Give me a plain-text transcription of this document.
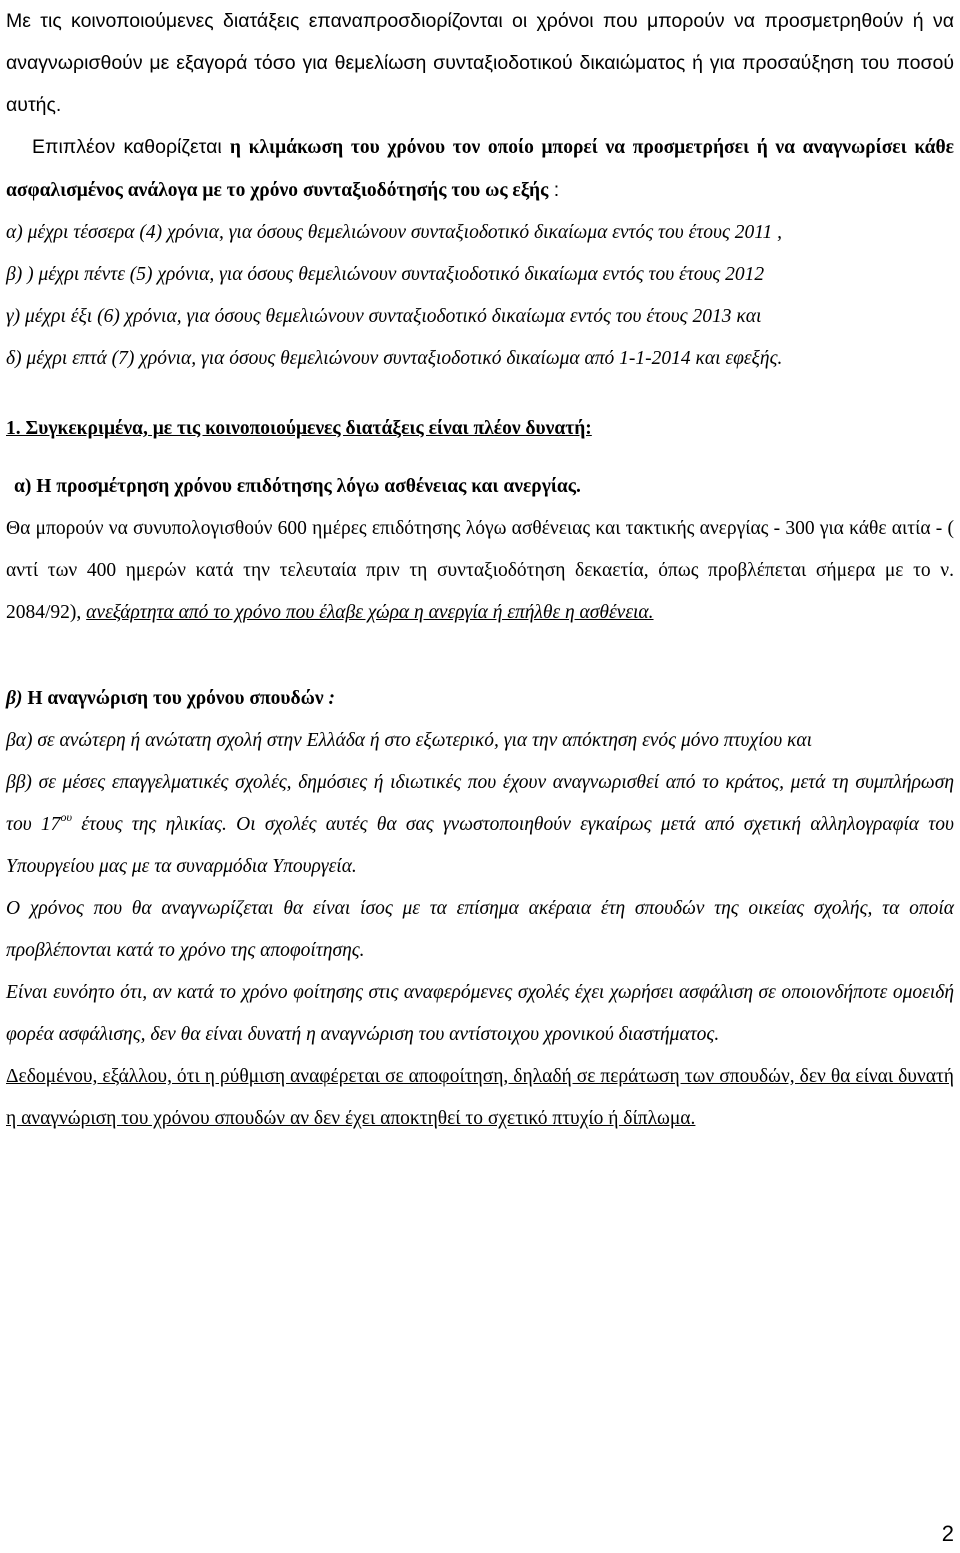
Με τις κοινοποιούμενες διατάξεις επαναπροσδιορίζονται οι χρόνοι που μπορούν να προσμετρηθούν ή να αναγνωρισθούν με εξαγορά τόσο για θεμελίωση συνταξιοδοτικού δικαιώματος ή για προσαύξηση του ποσού αυτής.

Επιπλέον καθορίζεται η κλιμάκωση του χρόνου τον οποίο μπορεί να προσμετρήσει ή να αναγνωρίσει κάθε ασφαλισμένος ανάλογα με το χρόνο συνταξιοδότησής του ως εξής :

α) μέχρι τέσσερα (4) χρόνια, για όσους θεμελιώνουν συνταξιοδοτικό δικαίωμα εντός του έτους 2011 ,

β) ) μέχρι πέντε (5) χρόνια, για όσους θεμελιώνουν συνταξιοδοτικό δικαίωμα εντός του έτους 2012

γ) μέχρι έξι (6) χρόνια, για όσους θεμελιώνουν συνταξιοδοτικό δικαίωμα εντός του έτους 2013 και

δ) μέχρι επτά (7) χρόνια, για όσους θεμελιώνουν συνταξιοδοτικό δικαίωμα από 1-1-2014 και εφεξής.

1. Συγκεκριμένα, με τις κοινοποιούμενες διατάξεις είναι πλέον δυνατή:

α) Η προσμέτρηση χρόνου επιδότησης λόγω ασθένειας και ανεργίας.

Θα μπορούν να συνυπολογισθούν 600 ημέρες επιδότησης λόγω ασθένειας και τακτικής ανεργίας - 300 για κάθε αιτία - ( αντί των 400 ημερών κατά την τελευταία πριν τη συνταξιοδότηση δεκαετία, όπως προβλέπεται σήμερα με το ν. 2084/92), ανεξάρτητα από το χρόνο που έλαβε χώρα η ανεργία ή επήλθε η ασθένεια.

β) Η αναγνώριση του χρόνου σπουδών :

βα) σε ανώτερη ή ανώτατη σχολή στην Ελλάδα ή στο εξωτερικό, για την απόκτηση ενός μόνο πτυχίου και

ββ) σε μέσες επαγγελματικές σχολές, δημόσιες ή ιδιωτικές που έχουν αναγνωρισθεί από το κράτος, μετά τη συμπλήρωση του $17^{o\upsilon}$ έτους της ηλικίας. Οι σχολές αυτές θα σας γνωστοποιηθούν εγκαίρως μετά από σχετική αλληλογραφία του Υπουργείου μας με τα συναρμόδια Υπουργεία.

Ο χρόνος που θα αναγνωρίζεται θα είναι ίσος με τα επίσημα ακέραια έτη σπουδών της οικείας σχολής, τα οποία προβλέπονται κατά το χρόνο της αποφοίτησης.

Είναι ευνόητο ότι, αν κατά το χρόνο φοίτησης στις αναφερόμενες σχολές έχει χωρήσει ασφάλιση σε οποιονδήποτε ομοειδή φορέα ασφάλισης, δεν θα είναι δυνατή η αναγνώριση του αντίστοιχου χρονικού διαστήματος.

Δεδομένου, εξάλλου, ότι η ρύθμιση αναφέρεται σε αποφοίτηση, δηλαδή σε περάτωση των σπουδών, δεν θα είναι δυνατή η αναγνώριση του χρόνου σπουδών αν δεν έχει αποκτηθεί το σχετικό πτυχίο ή δίπλωμα.

2
